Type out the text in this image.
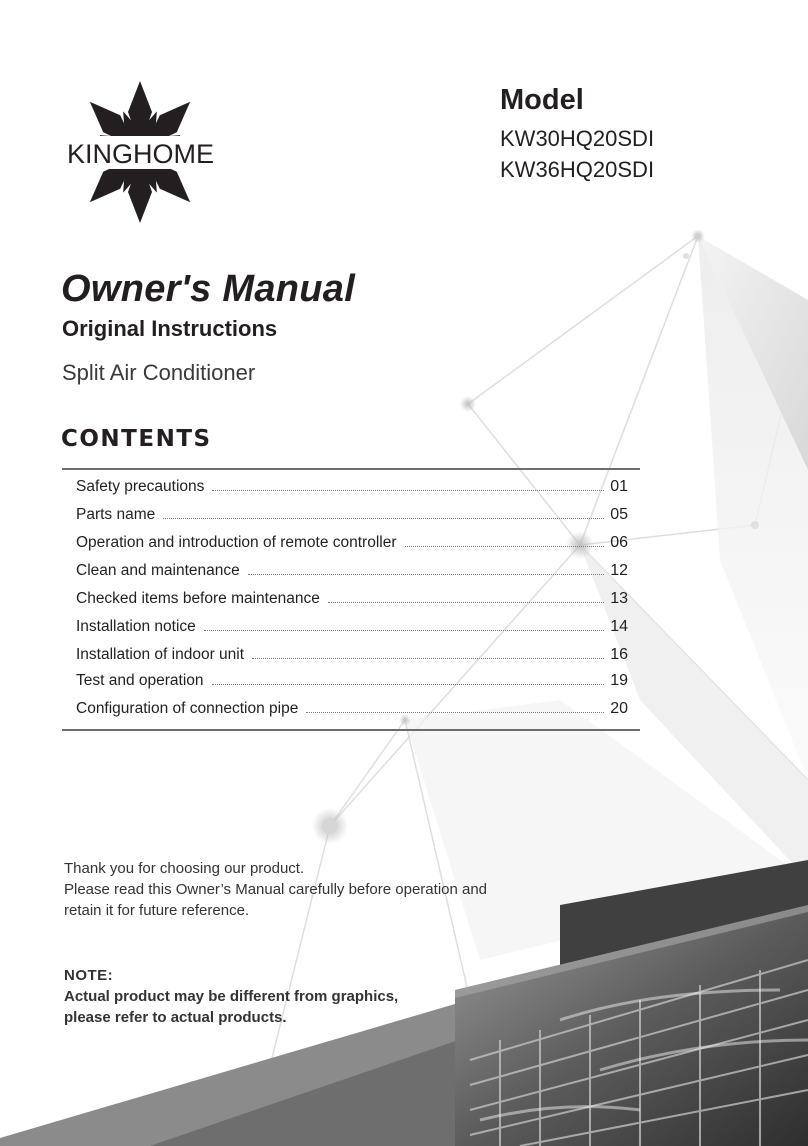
KINGHOME
Model
KW30HQ20SDI
KW36HQ20SDI
Owner's Manual
Original Instructions
Split Air Conditioner
CONTENTS
Safety precautions	01
Parts name	05
Operation and introduction of remote controller	06
Clean and maintenance	12
Checked items before maintenance	13
Installation notice	14
Installation of indoor unit	16
Test and operation	19
Configuration of connection pipe	20
Thank you for choosing our product.
Please read this Owner’s Manual carefully before operation and
retain it for future reference.
NOTE:
Actual product may be different from graphics,
please refer to actual products.
